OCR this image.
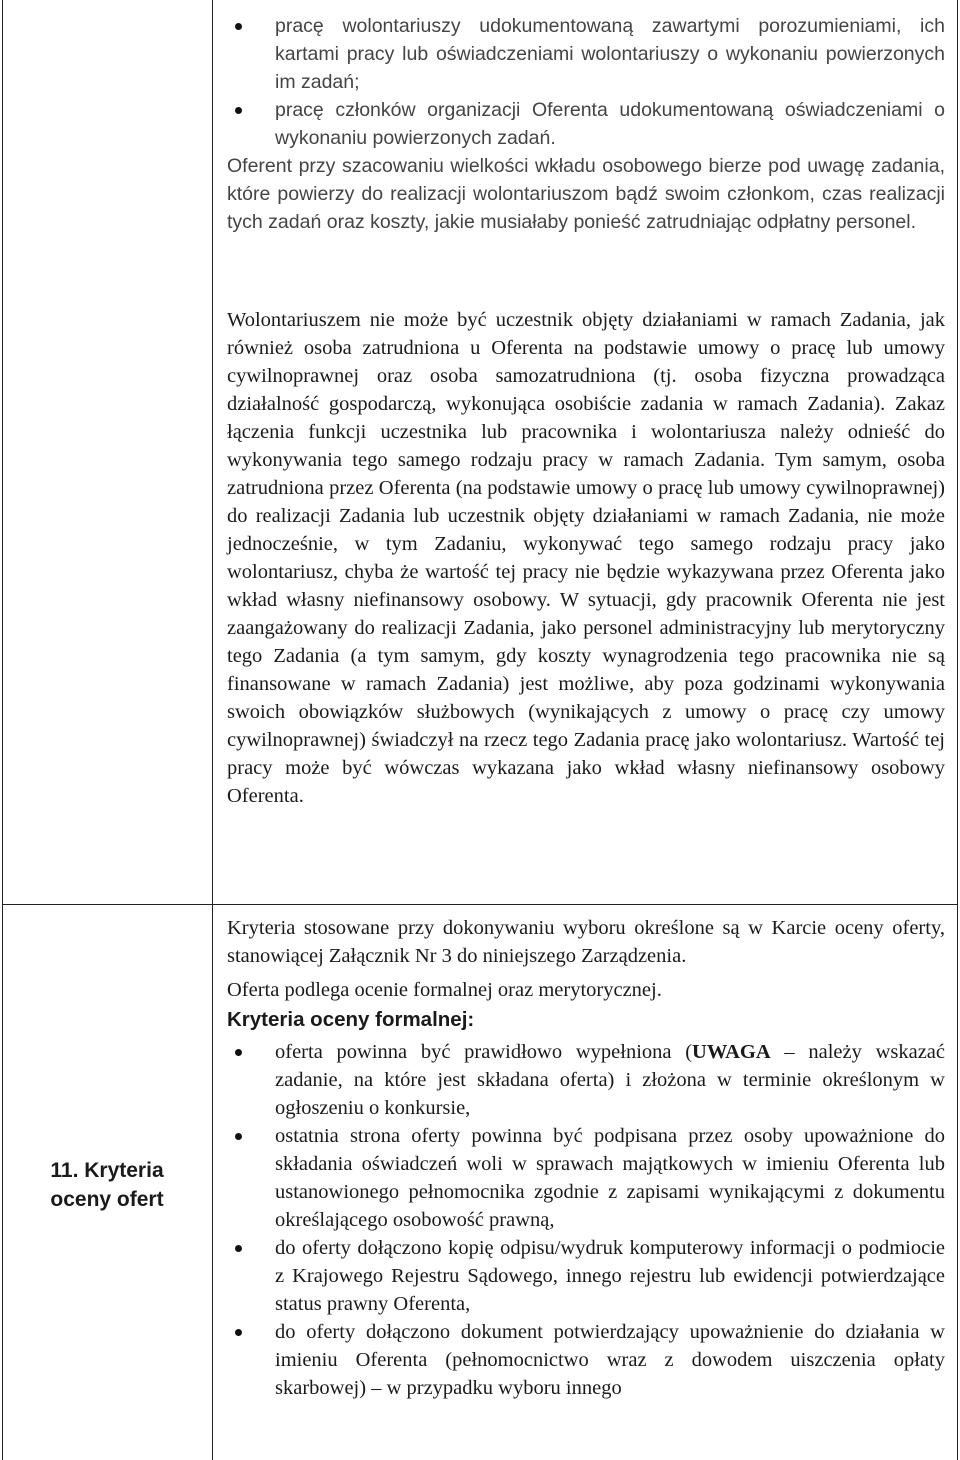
pracę wolontariuszy udokumentowaną zawartymi porozumieniami, ich kartami pracy lub oświadczeniami wolontariuszy o wykonaniu powierzonych im zadań;
pracę członków organizacji Oferenta udokumentowaną oświadczeniami o wykonaniu powierzonych zadań.

Oferent przy szacowaniu wielkości wkładu osobowego bierze pod uwagę zadania, które powierzy do realizacji wolontariuszom bądź swoim członkom, czas realizacji tych zadań oraz koszty, jakie musiałaby ponieść zatrudniając odpłatny personel.

Wolontariuszem nie może być uczestnik objęty działaniami w ramach Zadania, jak również osoba zatrudniona u Oferenta na podstawie umowy o pracę lub umowy cywilnoprawnej oraz osoba samozatrudniona (tj. osoba fizyczna prowadząca działalność gospodarczą, wykonująca osobiście zadania w ramach Zadania). Zakaz łączenia funkcji uczestnika lub pracownika i wolontariusza należy odnieść do wykonywania tego samego rodzaju pracy w ramach Zadania. Tym samym, osoba zatrudniona przez Oferenta (na podstawie umowy o pracę lub umowy cywilnoprawnej) do realizacji Zadania lub uczestnik objęty działaniami w ramach Zadania, nie może jednocześnie, w tym Zadaniu, wykonywać tego samego rodzaju pracy jako wolontariusz, chyba że wartość tej pracy nie będzie wykazywana przez Oferenta jako wkład własny niefinansowy osobowy. W sytuacji, gdy pracownik Oferenta nie jest zaangażowany do realizacji Zadania, jako personel administracyjny lub merytoryczny tego Zadania (a tym samym, gdy koszty wynagrodzenia tego pracownika nie są finansowane w ramach Zadania) jest możliwe, aby poza godzinami wykonywania swoich obowiązków służbowych (wynikających z umowy o pracę czy umowy cywilnoprawnej) świadczył na rzecz tego Zadania pracę jako wolontariusz. Wartość tej pracy może być wówczas wykazana jako wkład własny niefinansowy osobowy Oferenta.

11. Kryteria
oceny ofert

Kryteria stosowane przy dokonywaniu wyboru określone są w Karcie oceny oferty, stanowiącej Załącznik Nr 3 do niniejszego Zarządzenia.

Oferta podlega ocenie formalnej oraz merytorycznej.

Kryteria oceny formalnej:

oferta powinna być prawidłowo wypełniona (UWAGA – należy wskazać zadanie, na które jest składana oferta) i złożona w terminie określonym w ogłoszeniu o konkursie,
ostatnia strona oferty powinna być podpisana przez osoby upoważnione do składania oświadczeń woli w sprawach majątkowych w imieniu Oferenta lub ustanowionego pełnomocnika zgodnie z zapisami wynikającymi z dokumentu określającego osobowość prawną,
do oferty dołączono kopię odpisu/wydruk komputerowy informacji o podmiocie z Krajowego Rejestru Sądowego, innego rejestru lub ewidencji potwierdzające status prawny Oferenta,
do oferty dołączono dokument potwierdzający upoważnienie do działania w imieniu Oferenta (pełnomocnictwo wraz z dowodem uiszczenia opłaty skarbowej) – w przypadku wyboru innego
